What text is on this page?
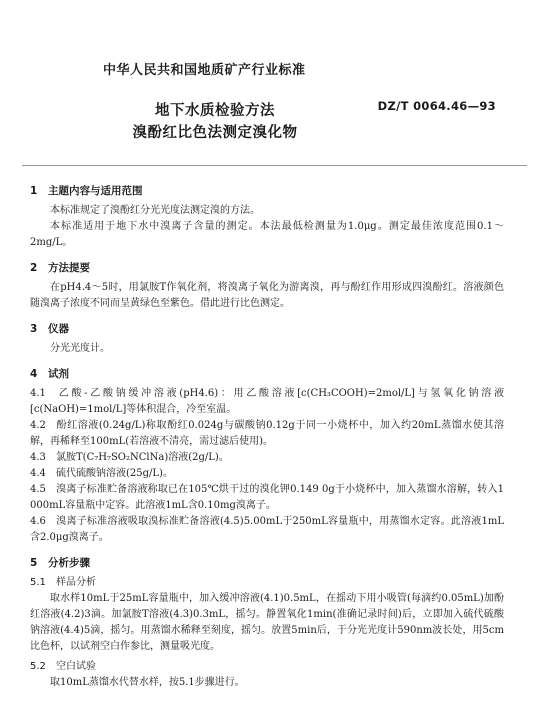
中华人民共和国地质矿产行业标准
地下水质检验方法
溴酚红比色法测定溴化物
DZ/T 0064.46—93
1 主题内容与适用范围

本标准规定了溴酚红分光光度法测定溴的方法。

本标准适用于地下水中溴离子含量的测定。本法最低检测量为1.0μg。测定最佳浓度范围0.1～2mg/L。

2 方法提要

在pH4.4～5时，用氯胺T作氧化剂，将溴离子氧化为游离溴，再与酚红作用形成四溴酚红。溶液颜色随溴离子浓度不同而呈黄绿色至紫色。借此进行比色测定。

3 仪器

分光光度计。

4 试剂

4.1 乙酸-乙酸钠缓冲溶液(pH4.6)：用乙酸溶液[c(CH₃COOH)=2mol/L]与氢氧化钠溶液[c(NaOH)=1mol/L]等体积混合，冷至室温。

4.2 酚红溶液(0.24g/L)称取酚红0.024g与碳酸钠0.12g于同一小烧杯中，加入约20mL蒸馏水使其溶解，再稀释至100mL(若溶液不清亮，需过滤后使用)。

4.3 氯胺T(C₇H₇SO₂NClNa)溶液(2g/L)。

4.4 硫代硫酸钠溶液(25g/L)。

4.5 溴离子标准贮备溶液称取已在105℃烘干过的溴化钾0.149 0g于小烧杯中，加入蒸馏水溶解，转入1 000mL容量瓶中定容。此溶液1mL含0.10mg溴离子。

4.6 溴离子标准溶液吸取溴标准贮备溶液(4.5)5.00mL于250mL容量瓶中，用蒸馏水定容。此溶液1mL含2.0μg溴离子。

5 分析步骤

5.1 样品分析

取水样10mL于25mL容量瓶中，加入缓冲溶液(4.1)0.5mL，在摇动下用小吸管(每滴约0.05mL)加酚红溶液(4.2)3滴。加氯胺T溶液(4.3)0.3mL，摇匀。静置氧化1min(准确记录时间)后，立即加入硫代硫酸钠溶液(4.4)5滴，摇匀。用蒸馏水稀释至刻度，摇匀。放置5min后，于分光光度计590nm波长处，用5cm比色杯，以试剂空白作参比，测量吸光度。

5.2 空白试验

取10mL蒸馏水代替水样，按5.1步骤进行。
